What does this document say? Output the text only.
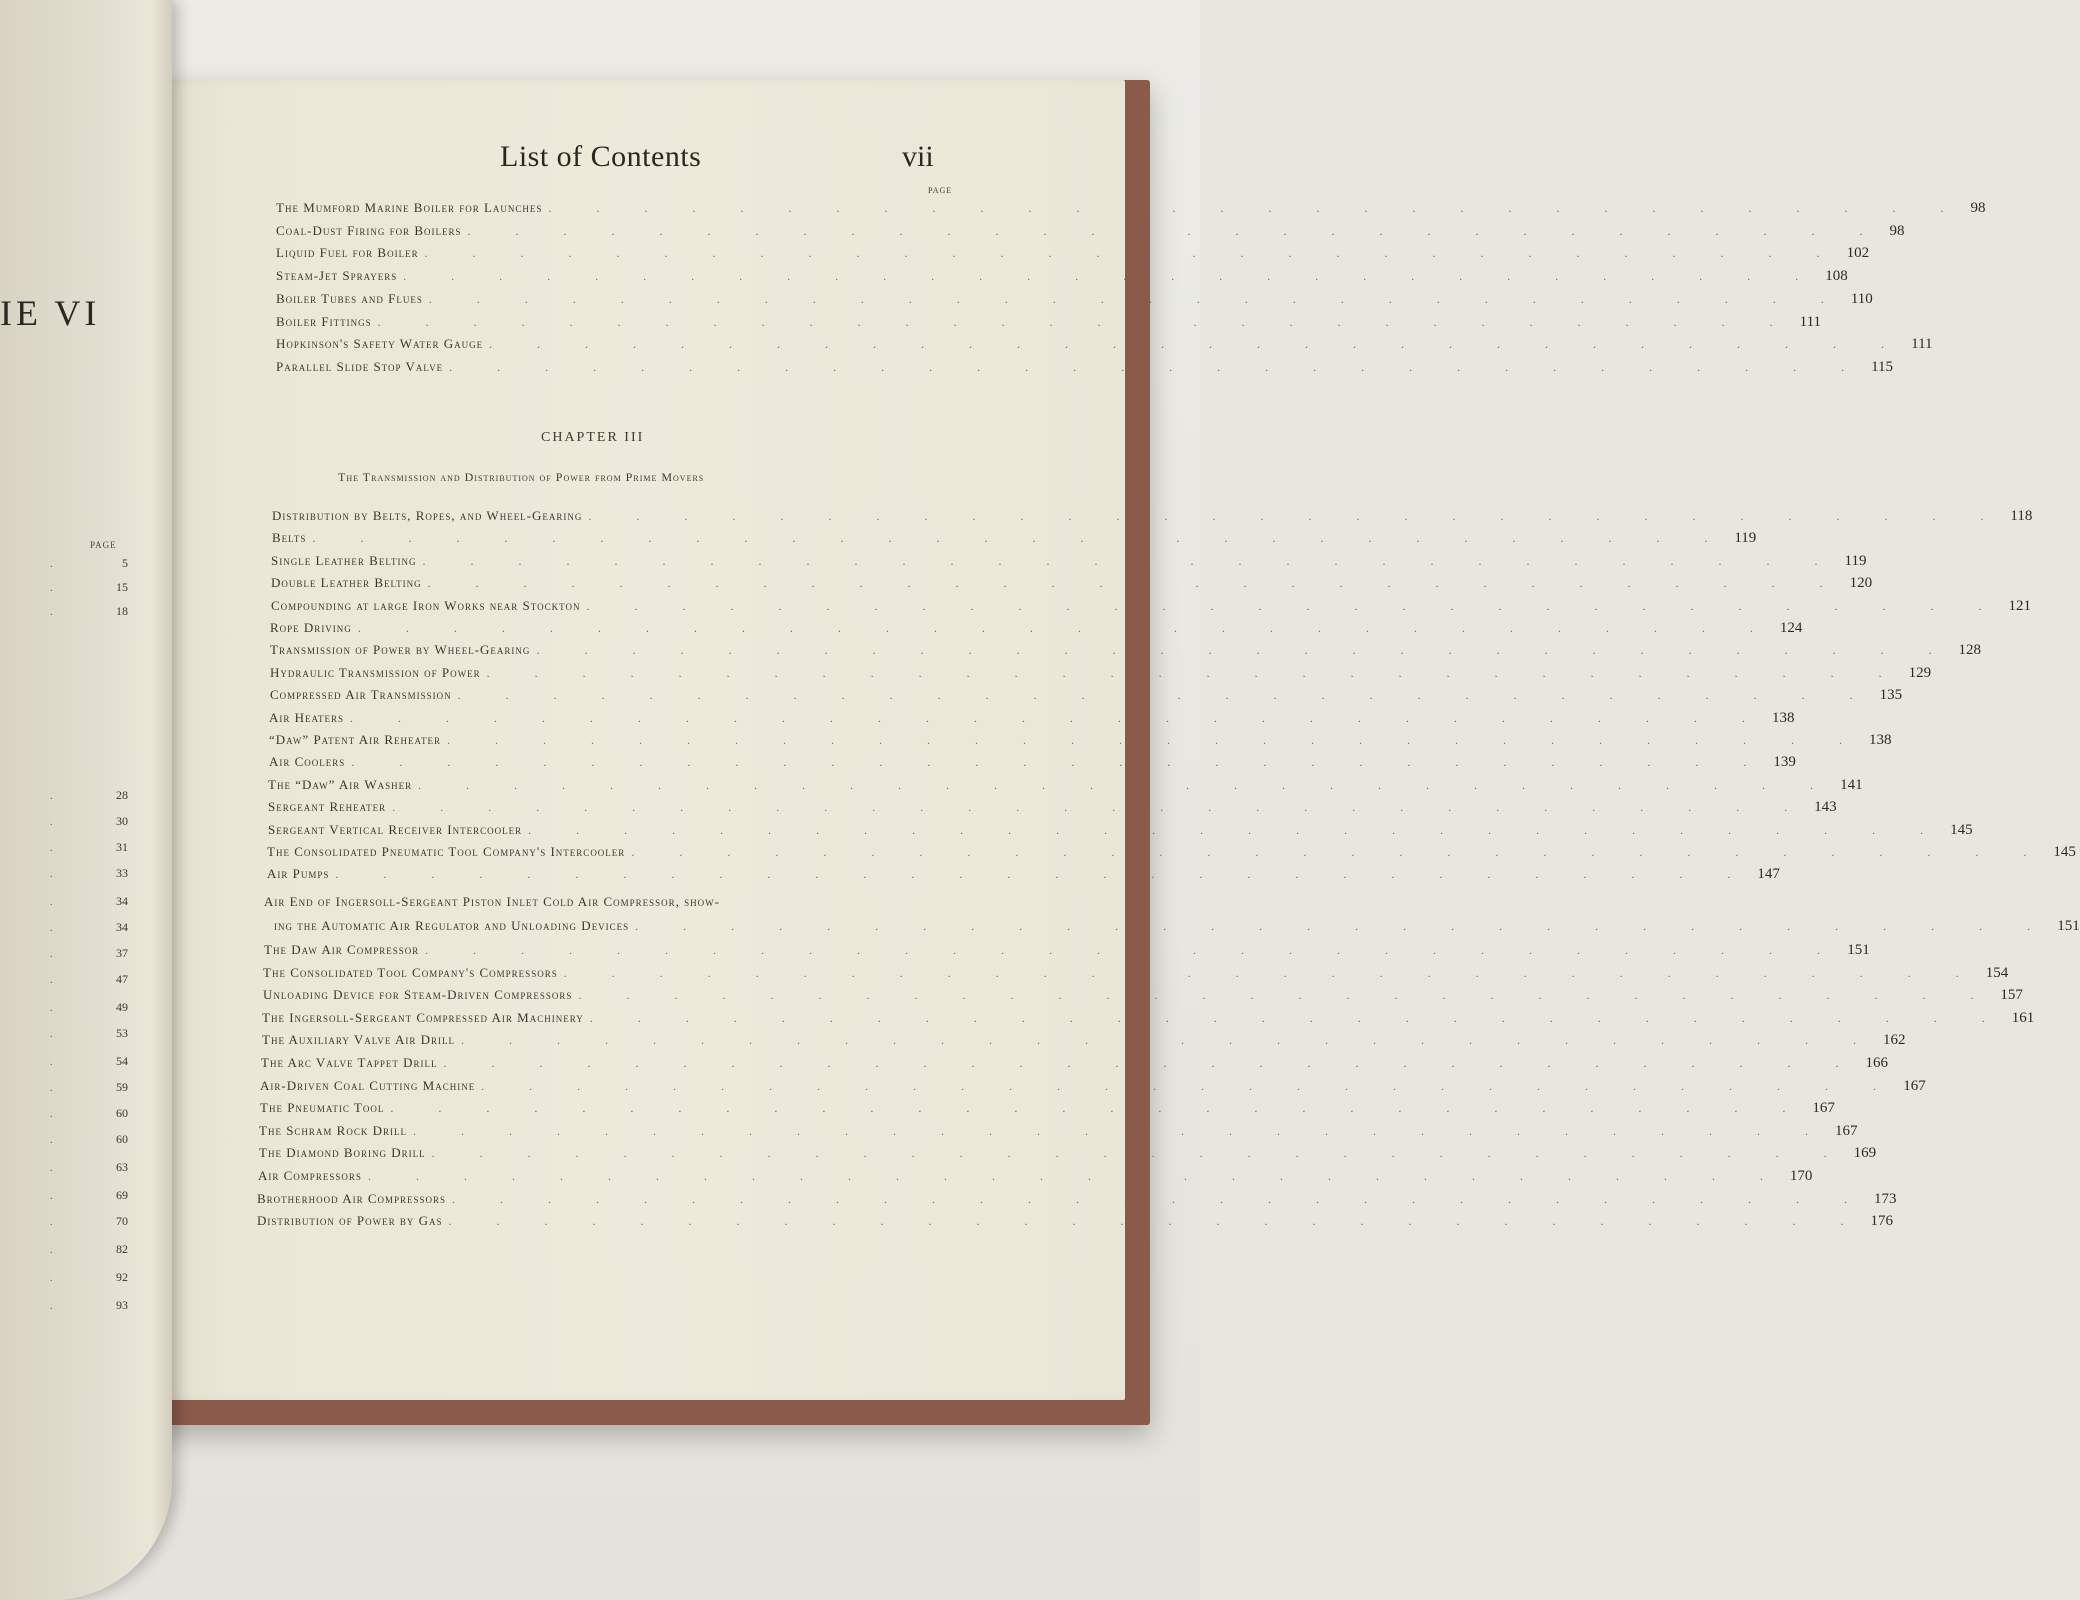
IE VI
PAGE
.	5
.	15
.	18
.	28
.	30
.	31
.	33
.	34
.	34
.	37
.	47
.	49
.	53
.	54
.	59
.	60
.	60
.	63
.	69
.	70
.	82
.	92
.	93
List of Contents	vii
PAGE
The Mumford Marine Boiler for Launches . . . . . . . . . . . . . . . . . . . . . . . . . . . . . . 98
Coal-Dust Firing for Boilers . . . . . . . . . . . . . . . . . . . . . . . . . . . . . . 98
Liquid Fuel for Boiler . . . . . . . . . . . . . . . . . . . . . . . . . . . . . . 102
Steam-Jet Sprayers . . . . . . . . . . . . . . . . . . . . . . . . . . . . . . 108
Boiler Tubes and Flues . . . . . . . . . . . . . . . . . . . . . . . . . . . . . . 110
Boiler Fittings . . . . . . . . . . . . . . . . . . . . . . . . . . . . . . 111
Hopkinson's Safety Water Gauge . . . . . . . . . . . . . . . . . . . . . . . . . . . . . . 111
Parallel Slide Stop Valve . . . . . . . . . . . . . . . . . . . . . . . . . . . . . . 115
CHAPTER III
The Transmission and Distribution of Power from Prime Movers
Distribution by Belts, Ropes, and Wheel-Gearing . . . . . . . . . . . . . . . . . . . . . . . . . . . . . . 118
Belts . . . . . . . . . . . . . . . . . . . . . . . . . . . . . . 119
Single Leather Belting . . . . . . . . . . . . . . . . . . . . . . . . . . . . . . 119
Double Leather Belting . . . . . . . . . . . . . . . . . . . . . . . . . . . . . . 120
Compounding at large Iron Works near Stockton . . . . . . . . . . . . . . . . . . . . . . . . . . . . . . 121
Rope Driving . . . . . . . . . . . . . . . . . . . . . . . . . . . . . . 124
Transmission of Power by Wheel-Gearing . . . . . . . . . . . . . . . . . . . . . . . . . . . . . . 128
Hydraulic Transmission of Power . . . . . . . . . . . . . . . . . . . . . . . . . . . . . . 129
Compressed Air Transmission . . . . . . . . . . . . . . . . . . . . . . . . . . . . . . 135
Air Heaters . . . . . . . . . . . . . . . . . . . . . . . . . . . . . . 138
“Daw” Patent Air Reheater . . . . . . . . . . . . . . . . . . . . . . . . . . . . . . 138
Air Coolers . . . . . . . . . . . . . . . . . . . . . . . . . . . . . . 139
The “Daw” Air Washer . . . . . . . . . . . . . . . . . . . . . . . . . . . . . . 141
Sergeant Reheater . . . . . . . . . . . . . . . . . . . . . . . . . . . . . . 143
Sergeant Vertical Receiver Intercooler . . . . . . . . . . . . . . . . . . . . . . . . . . . . . . 145
The Consolidated Pneumatic Tool Company's Intercooler . . . . . . . . . . . . . . . . . . . . . . . . . . . . . . 145
Air Pumps . . . . . . . . . . . . . . . . . . . . . . . . . . . . . . 147
Air End of Ingersoll-Sergeant Piston Inlet Cold Air Compressor, show-
ing the Automatic Air Regulator and Unloading Devices . . . . . . . . . . . . . . . . . . . . . . . . . . . . . . 151
The Daw Air Compressor . . . . . . . . . . . . . . . . . . . . . . . . . . . . . . 151
The Consolidated Tool Company's Compressors . . . . . . . . . . . . . . . . . . . . . . . . . . . . . . 154
Unloading Device for Steam-Driven Compressors . . . . . . . . . . . . . . . . . . . . . . . . . . . . . . 157
The Ingersoll-Sergeant Compressed Air Machinery . . . . . . . . . . . . . . . . . . . . . . . . . . . . . . 161
The Auxiliary Valve Air Drill . . . . . . . . . . . . . . . . . . . . . . . . . . . . . . 162
The Arc Valve Tappet Drill . . . . . . . . . . . . . . . . . . . . . . . . . . . . . . 166
Air-Driven Coal Cutting Machine . . . . . . . . . . . . . . . . . . . . . . . . . . . . . . 167
The Pneumatic Tool . . . . . . . . . . . . . . . . . . . . . . . . . . . . . . 167
The Schram Rock Drill . . . . . . . . . . . . . . . . . . . . . . . . . . . . . . 167
The Diamond Boring Drill . . . . . . . . . . . . . . . . . . . . . . . . . . . . . . 169
Air Compressors . . . . . . . . . . . . . . . . . . . . . . . . . . . . . . 170
Brotherhood Air Compressors . . . . . . . . . . . . . . . . . . . . . . . . . . . . . . 173
Distribution of Power by Gas . . . . . . . . . . . . . . . . . . . . . . . . . . . . . . 176
